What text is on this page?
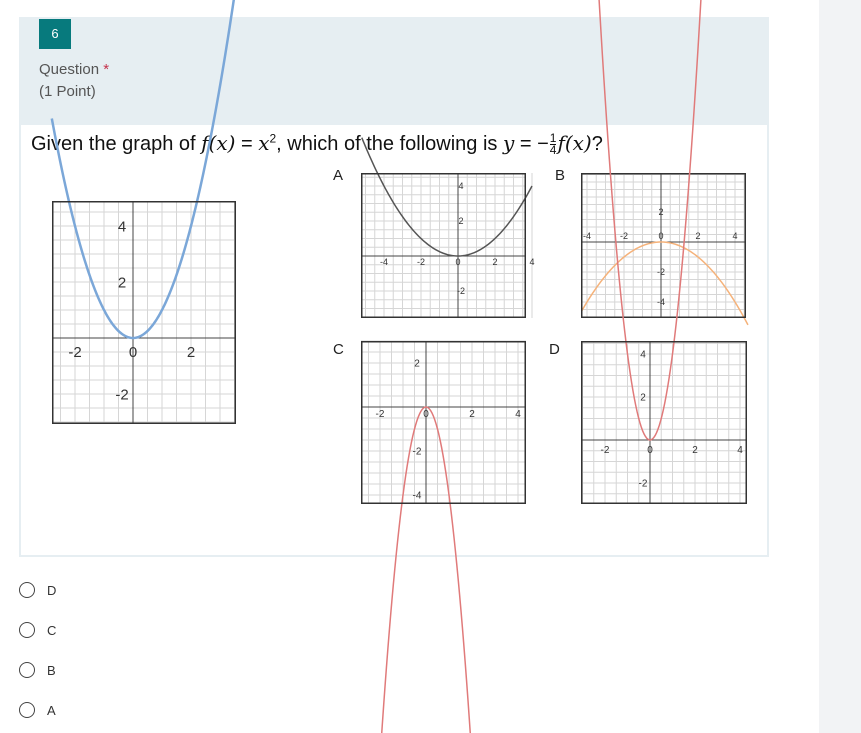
6
Question *
(1 Point)
Given the graph of $f(x) = x^2$, which of the following is y = − $\frac{1}{4} f(x)$?
-2	0	2
4
2
-2
A
-4	-2	0	2	4
4
2
-2
B
-4	-2	0	2	4
2
-2
-4
C
-2	0	2	4
2
-2
-4
D
-2	0	2	4
4
2
-2
D
C
B
A
